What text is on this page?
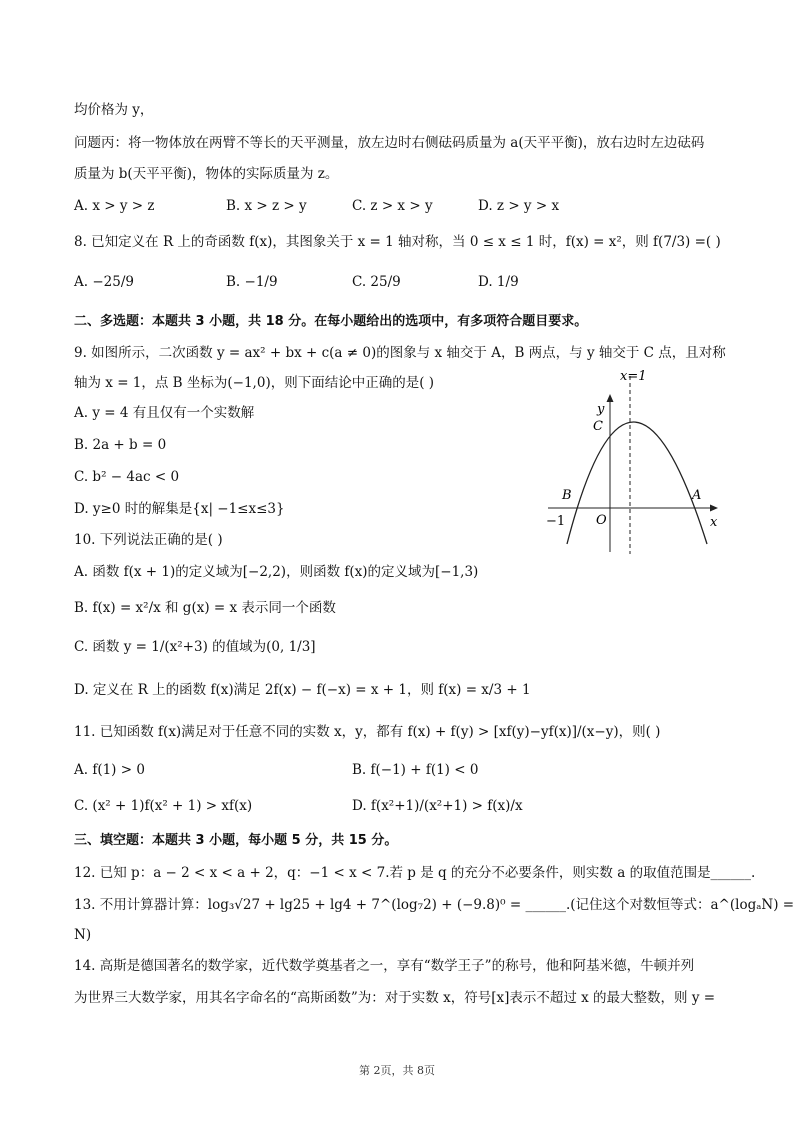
均价格为 y，
问题丙：将一物体放在两臂不等长的天平测量，放左边时右侧砝码质量为 a(天平平衡)，放右边时左边砝码
质量为 b(天平平衡)，物体的实际质量为 z。
A. x > y > z	B. x > z > y	C. z > x > y	D. z > y > x
8. 已知定义在 R 上的奇函数 f(x)，其图象关于 x = 1 轴对称，当 0 ≤ x ≤ 1 时，f(x) = x²，则 f(7/3) =( )
A. −25/9	B. −1/9	C. 25/9	D. 1/9
二、多选题：本题共 3 小题，共 18 分。在每小题给出的选项中，有多项符合题目要求。
9. 如图所示，二次函数 y = ax² + bx + c(a ≠ 0)的图象与 x 轴交于 A，B 两点，与 y 轴交于 C 点，且对称
轴为 x = 1，点 B 坐标为(−1,0)，则下面结论中正确的是( )
A. y = 4 有且仅有一个实数解
B. 2a + b = 0
C. b² − 4ac < 0
D. y≥0 时的解集是{x| −1≤x≤3}
x=1
y
C
B	A
O	x
−1
10. 下列说法正确的是( )
A. 函数 f(x + 1)的定义域为[−2,2)，则函数 f(x)的定义域为[−1,3)
B. f(x) = x²/x 和 g(x) = x 表示同一个函数
C. 函数 y = 1/(x²+3) 的值域为(0, 1/3]
D. 定义在 R 上的函数 f(x)满足 2f(x) − f(−x) = x + 1，则 f(x) = x/3 + 1
11. 已知函数 f(x)满足对于任意不同的实数 x，y，都有 f(x) + f(y) > [xf(y)−yf(x)]/(x−y)，则( )
A. f(1) > 0	B. f(−1) + f(1) < 0
C. (x² + 1)f(x² + 1) > xf(x)	D. f(x²+1)/(x²+1) > f(x)/x
三、填空题：本题共 3 小题，每小题 5 分，共 15 分。
12. 已知 p：a − 2 < x < a + 2，q：−1 < x < 7.若 p 是 q 的充分不必要条件，则实数 a 的取值范围是______.
13. 不用计算器计算：log₃√27 + lg25 + lg4 + 7^(log₇2) + (−9.8)⁰ = ______.(记住这个对数恒等式：a^(logₐN) =
N)
14. 高斯是德国著名的数学家，近代数学奠基者之一，享有“数学王子”的称号，他和阿基米德，牛顿并列
为世界三大数学家，用其名字命名的“高斯函数”为：对于实数 x，符号[x]表示不超过 x 的最大整数，则 y =
第 2页，共 8页
